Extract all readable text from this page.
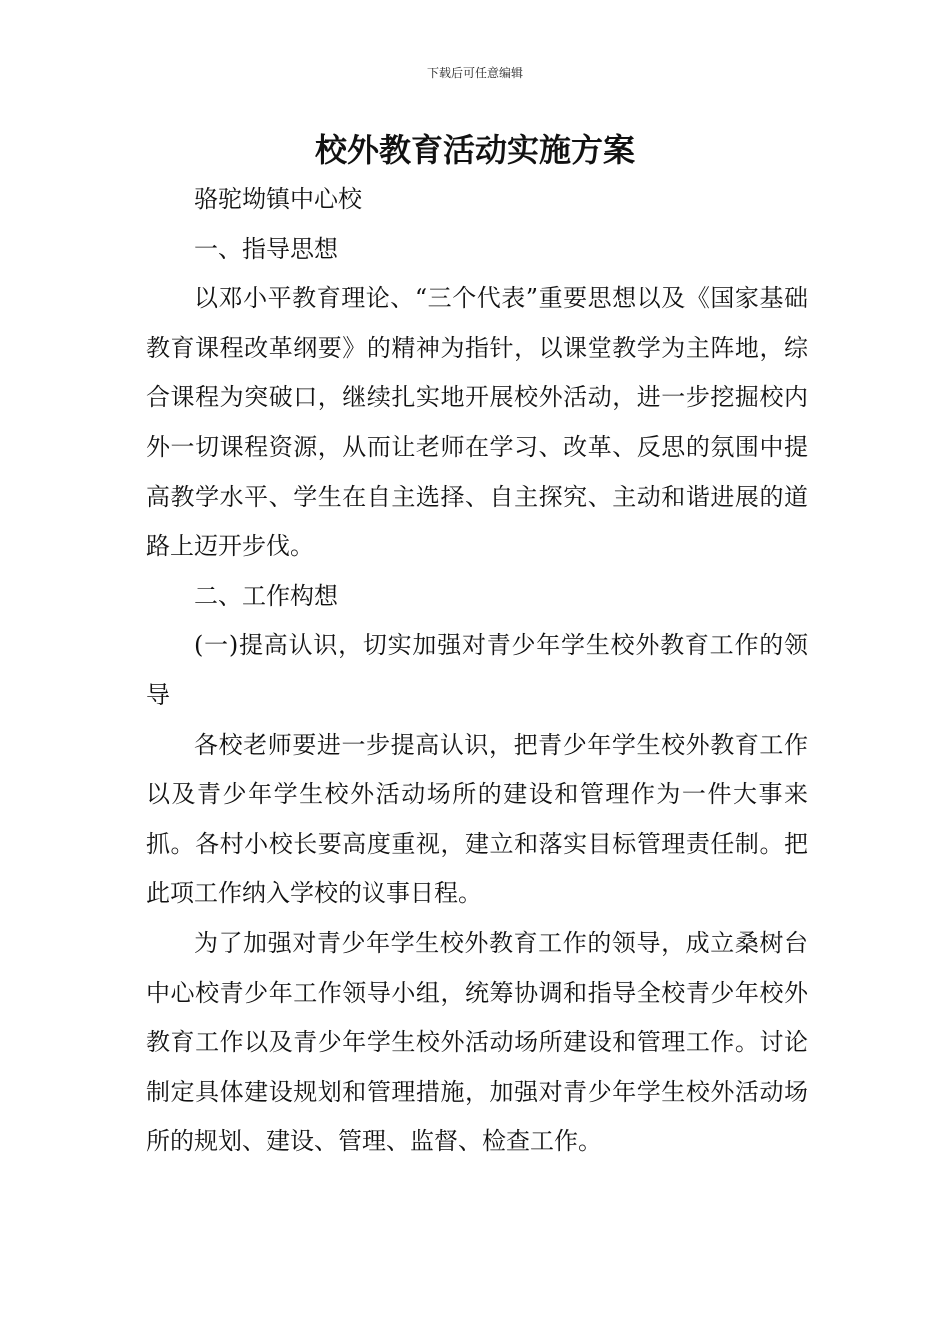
下载后可任意编辑
校外教育活动实施方案

骆驼坳镇中心校

一、指导思想

以邓小平教育理论、“三个代表”重要思想以及《国家基础教育课程改革纲要》的精神为指针，以课堂教学为主阵地，综合课程为突破口，继续扎实地开展校外活动，进一步挖掘校内外一切课程资源，从而让老师在学习、改革、反思的氛围中提高教学水平、学生在自主选择、自主探究、主动和谐进展的道路上迈开步伐。

二、工作构想

(一)提高认识，切实加强对青少年学生校外教育工作的领导

各校老师要进一步提高认识，把青少年学生校外教育工作以及青少年学生校外活动场所的建设和管理作为一件大事来抓。各村小校长要高度重视，建立和落实目标管理责任制。把此项工作纳入学校的议事日程。

为了加强对青少年学生校外教育工作的领导，成立桑树台中心校青少年工作领导小组，统筹协调和指导全校青少年校外教育工作以及青少年学生校外活动场所建设和管理工作。讨论制定具体建设规划和管理措施，加强对青少年学生校外活动场所的规划、建设、管理、监督、检查工作。
